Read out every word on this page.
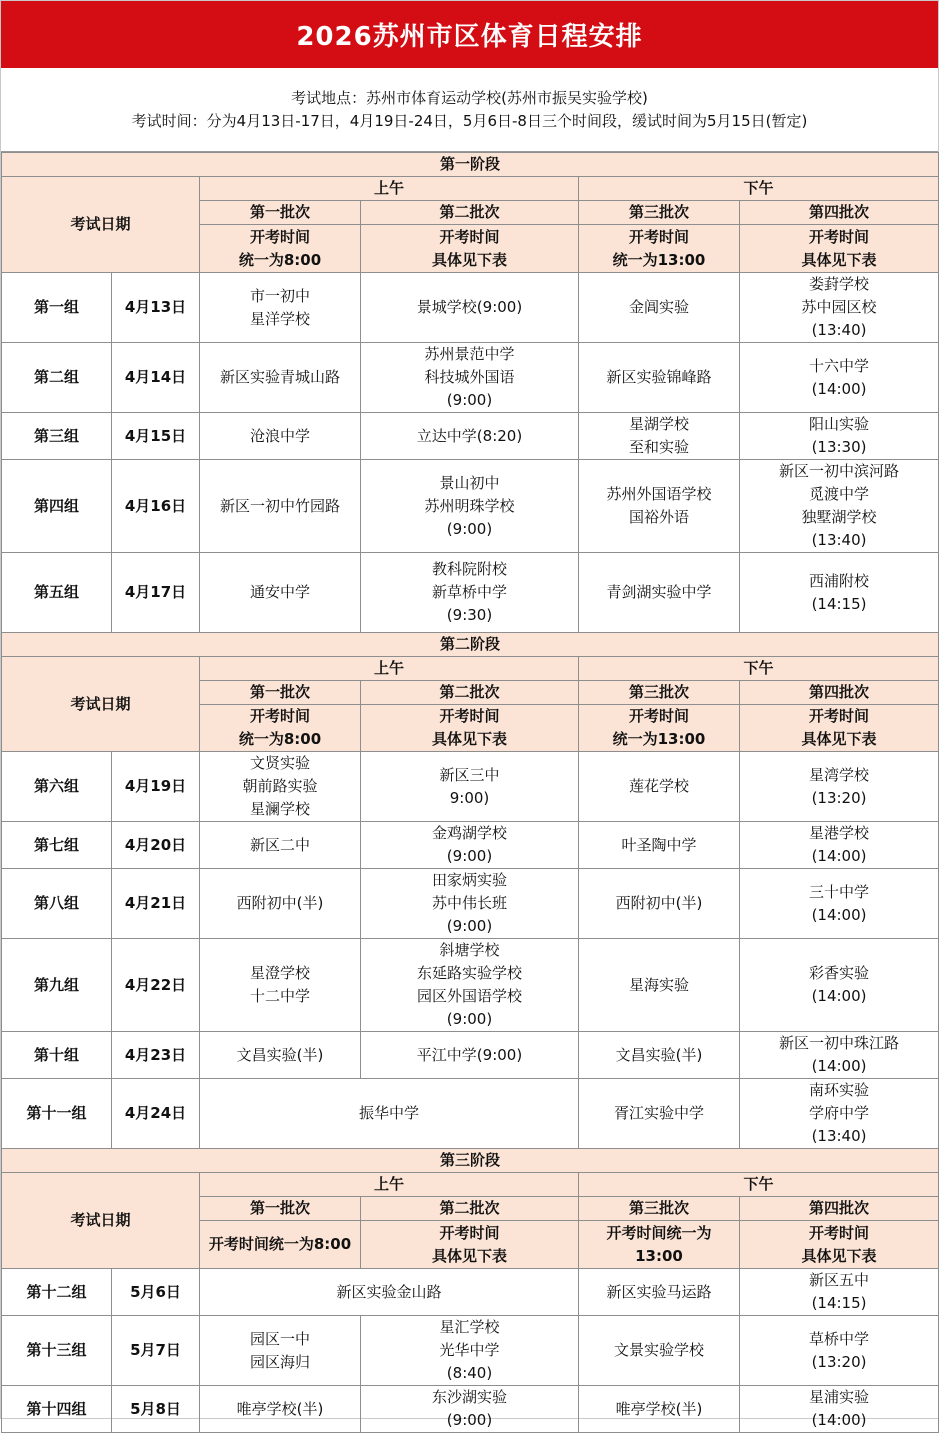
2026苏州市区体育日程安排
考试地点：苏州市体育运动学校(苏州市振吴实验学校)
考试时间：分为4月13日-17日，4月19日-24日，5月6日-8日三个时间段，缓试时间为5月15日(暂定)
第一阶段					
考试日期		上午		下午	
		第一批次	第二批次	第三批次	第四批次

		开考时间
统一为8:00	开考时间
具体见下表	开考时间
统一为13:00	开考时间
具体见下表

第一组	4月13日	市一初中
星洋学校	景城学校(9:00)	金阊实验	娄葑学校
苏中园区校
(13:40)

第二组	4月14日	新区实验青城山路	苏州景范中学
科技城外国语
(9:00)	新区实验锦峰路	十六中学
(14:00)

第三组	4月15日	沧浪中学	立达中学(8:20)	星湖学校
至和实验	阳山实验
(13:30)

第四组	4月16日	新区一初中竹园路	景山初中
苏州明珠学校
(9:00)	苏州外国语学校
国裕外语	新区一初中滨河路
觅渡中学
独墅湖学校
(13:40)

第五组	4月17日	通安中学	教科院附校
新草桥中学
(9:30)	青剑湖实验中学	西浦附校
(14:15)

第二阶段					
考试日期		上午		下午	
		第一批次	第二批次	第三批次	第四批次

		开考时间
统一为8:00	开考时间
具体见下表	开考时间
统一为13:00	开考时间
具体见下表

第六组	4月19日	文贤实验
朝前路实验
星澜学校	新区三中
9:00)	莲花学校	星湾学校
(13:20)

第七组	4月20日	新区二中	金鸡湖学校
(9:00)	叶圣陶中学	星港学校
(14:00)

第八组	4月21日	西附初中(半)	田家炳实验
苏中伟长班
(9:00)	西附初中(半)	三十中学
(14:00)

第九组	4月22日	星澄学校
十二中学	斜塘学校
东延路实验学校
园区外国语学校
(9:00)	星海实验	彩香实验
(14:00)

第十组	4月23日	文昌实验(半)	平江中学(9:00)	文昌实验(半)	新区一初中珠江路
(14:00)

第十一组	4月24日	振华中学		胥江实验中学	南环实验
学府中学
(13:40)

第三阶段					
考试日期		上午		下午	
		第一批次	第二批次	第三批次	第四批次
		开考时间统一为8:00	开考时间
具体见下表	开考时间统一为
13:00	开考时间
具体见下表

第十二组	5月6日	新区实验金山路		新区实验马运路	新区五中
(14:15)

第十三组	5月7日	园区一中
园区海归	星汇学校
光华中学
(8:40)	文景实验学校	草桥中学
(13:20)

第十四组	5月8日	唯亭学校(半)	东沙湖实验
(9:00)	唯亭学校(半)	星浦实验
(14:00)
